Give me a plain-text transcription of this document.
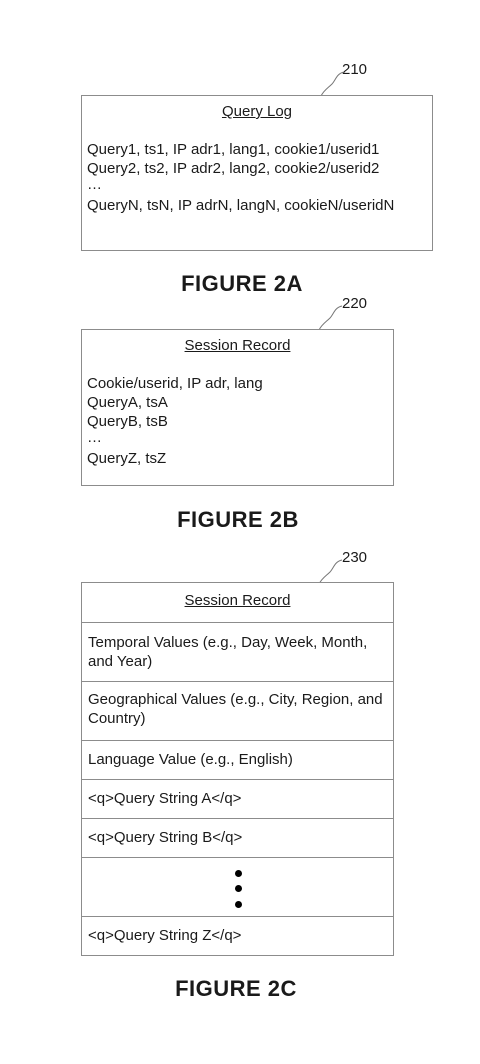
210
Query Log
Query1, ts1, IP adr1, lang1, cookie1/userid1
Query2, ts2, IP adr2, lang2, cookie2/userid2
…
QueryN, tsN, IP adrN, langN, cookieN/useridN
FIGURE 2A
220
Session Record
Cookie/userid, IP adr, lang
QueryA, tsA
QueryB, tsB
…
QueryZ, tsZ
FIGURE 2B
230
Session Record
Temporal Values (e.g., Day, Week, Month, and Year)
Geographical Values (e.g., City, Region, and Country)
Language Value (e.g., English)
<q>Query String A</q>
<q>Query String B</q>
<q>Query String Z</q>
FIGURE 2C
